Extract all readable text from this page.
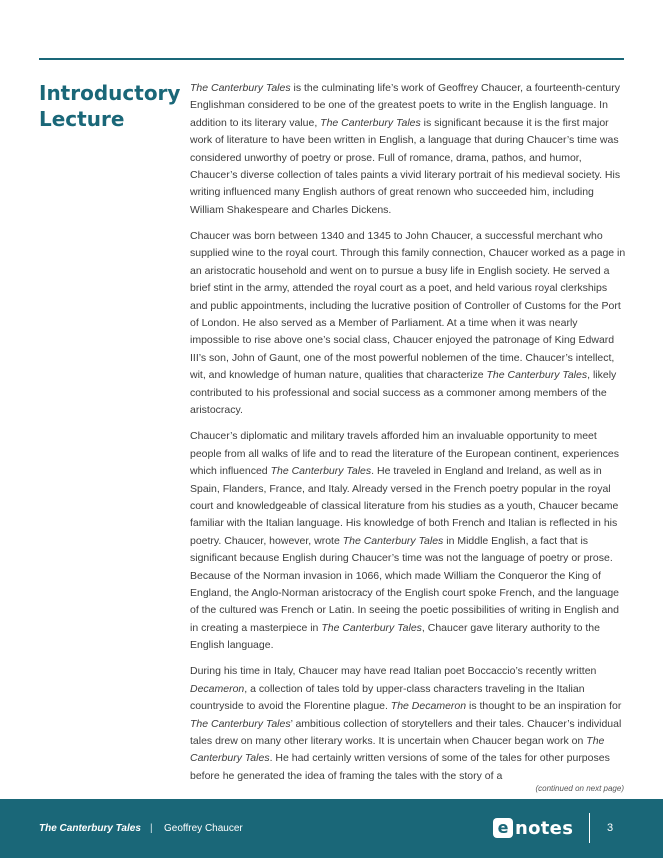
Introductory
Lecture

The Canterbury Tales is the culminating life’s work of Geoffrey Chaucer, a fourteenth-century Englishman considered to be one of the greatest poets to write in the English language. In addition to its literary value, The Canterbury Tales is significant because it is the first major work of literature to have been written in English, a language that during Chaucer’s time was considered unworthy of poetry or prose. Full of romance, drama, pathos, and humor, Chaucer’s diverse collection of tales paints a vivid literary portrait of his medieval society. His writing influenced many English authors of great renown who succeeded him, including William Shakespeare and Charles Dickens.

Chaucer was born between 1340 and 1345 to John Chaucer, a successful merchant who supplied wine to the royal court. Through this family connection, Chaucer worked as a page in an aristocratic household and went on to pursue a busy life in English society. He served a brief stint in the army, attended the royal court as a poet, and held various royal clerkships and public appointments, including the lucrative position of Controller of Customs for the Port of London. He also served as a Member of Parliament. At a time when it was nearly impossible to rise above one’s social class, Chaucer enjoyed the patronage of King Edward III’s son, John of Gaunt, one of the most powerful noblemen of the time. Chaucer’s intellect, wit, and knowledge of human nature, qualities that characterize The Canterbury Tales, likely contributed to his professional and social success as a commoner among members of the aristocracy.

Chaucer’s diplomatic and military travels afforded him an invaluable opportunity to meet people from all walks of life and to read the literature of the European continent, experiences which influenced The Canterbury Tales. He traveled in England and Ireland, as well as in Spain, Flanders, France, and Italy. Already versed in the French poetry popular in the royal court and knowledgeable of classical literature from his studies as a youth, Chaucer became familiar with the Italian language. His knowledge of both French and Italian is reflected in his poetry. Chaucer, however, wrote The Canterbury Tales in Middle English, a fact that is significant because English during Chaucer’s time was not the language of poetry or prose. Because of the Norman invasion in 1066, which made William the Conqueror the King of England, the Anglo-Norman aristocracy of the English court spoke French, and the language of the cultured was French or Latin. In seeing the poetic possibilities of writing in English and in creating a masterpiece in The Canterbury Tales, Chaucer gave literary authority to the English language.

During his time in Italy, Chaucer may have read Italian poet Boccaccio’s recently written Decameron, a collection of tales told by upper-class characters traveling in the Italian countryside to avoid the Florentine plague. The Decameron is thought to be an inspiration for The Canterbury Tales’ ambitious collection of storytellers and their tales. Chaucer’s individual tales drew on many other literary works. It is uncertain when Chaucer began work on The Canterbury Tales. He had certainly written versions of some of the tales for other purposes before he generated the idea of framing the tales with the story of a

(continued on next page)
The Canterbury Tales | Geoffrey Chaucer	e notes	3
